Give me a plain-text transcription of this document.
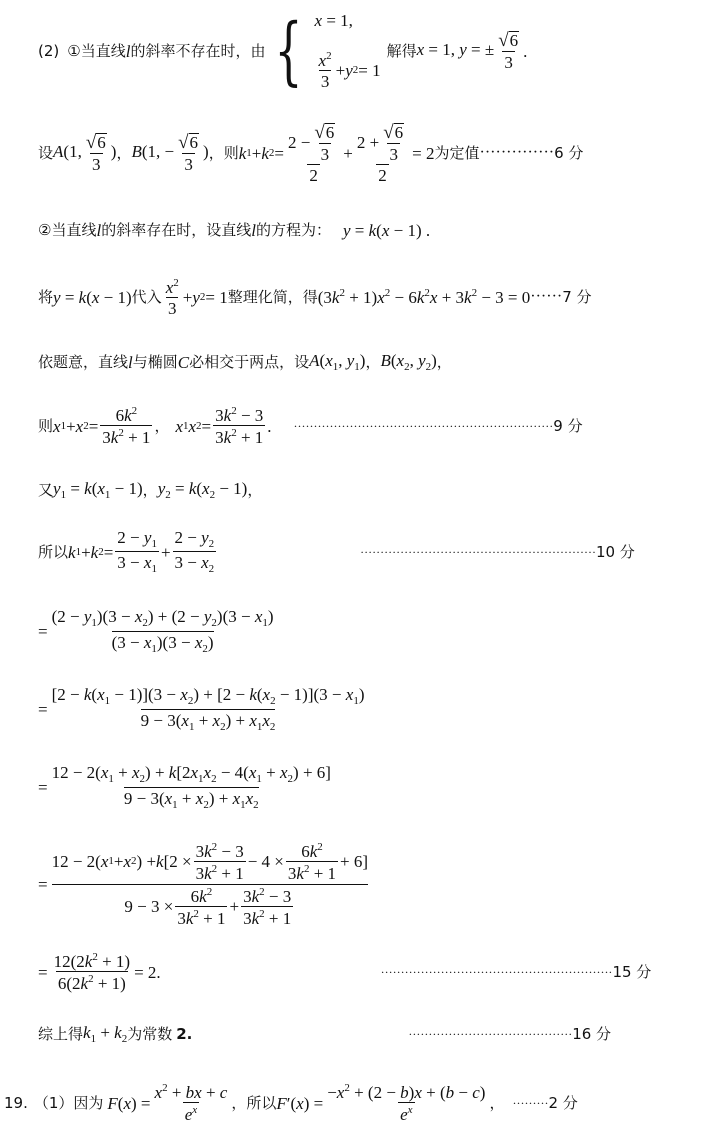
(2) ①当直线 l 的斜率不存在时，由 { x = 1,
$\frac{x^2}{3} + y$ 2 = 1
解得 x = 1, y = ± $\frac{√ 6}{3}$ .
设 A(1, $\frac{√ 6}{3}$ ) ， B(1, − $\frac{√ 6}{3}$ ) ，则 k 1 + k $2 = \frac{2 - \frac{√ 6}{3}}{2} + \frac{2 + \frac{√ 6}{3}}{2} = 2$ 为定值 ·············· 6 分
②当直线 l 的斜率存在时，设直线 l 的方程为： y = k(x − 1) .
将 y = k(x − 1) 代入 $\frac{x^2}{3} + y$ 2 = 1 整理化简，得 $(3k^2 + 1)x^2 - 6k^2x + 3k^2 - 3 = 0$ ······ 7 分
依题意，直线 l 与椭圆 C 必相交于两点，设 $A(x_1$, $y_1$) ， $B(x_2$, $y_2$) ，
则 x 1 + x $2 = \frac{6k^2}{3k^2 + 1}$ ， x 1 x $2 = \frac{3k^2 - 3}{3k^2 + 1}$ . ································································· 9 分
又 $y_1 = k(x_1 - 1)$ ， $y_2 = k(x_2 - 1)$ ，
所以 k 1 + k $2 = \frac{2 - y_1}{3 - x_1} + \frac{2 - y_2}{3 - x_2}$	··························································· 10 分
= $\frac{(2 - y_1)(3 - x_2) + (2 - y_2)(3 - x_1)}{(3 - x_1)(3 - x_2)}$
= $\frac{[2 - k(x_1 - 1)](3 - x_2) + [2 - k(x_2 - 1)](3 - x_1)}{9 - 3(x_1 + x_2) + x_1x_2}$
= $\frac{12 - 2(x_1 + x_2) + k[2x_1x_2 - 4(x_1 + x_2) + 6]}{9 - 3(x_1 + x_2) + x_1x_2}$
= $\frac{12 - 2( x 1 + x 2 ) + k [2 \times \frac{3k^2 - 3}{3k^2 + 1} - 4 \times \frac{6k^2}{3k^2 + 1} + 6]}{9 - 3 \times \frac{6k^2}{3k^2 + 1} + \frac{3k^2 - 3}{3k^2 + 1}}$
= $\frac{12(2k^2 + 1)}{6(2k^2 + 1)} = 2$.	·························································· 15 分
综上得 $k_1 + k_2$ 为常数 2.	········································· 16 分
19. （1）因为 F ( x ) = $\frac{x^2 + bx + c}{e^x}$ ，所以 F ′( x ) = $\frac{-x^2 + (2 - b)x + (b - c)}{e^x}$ ， ········· 2 分
